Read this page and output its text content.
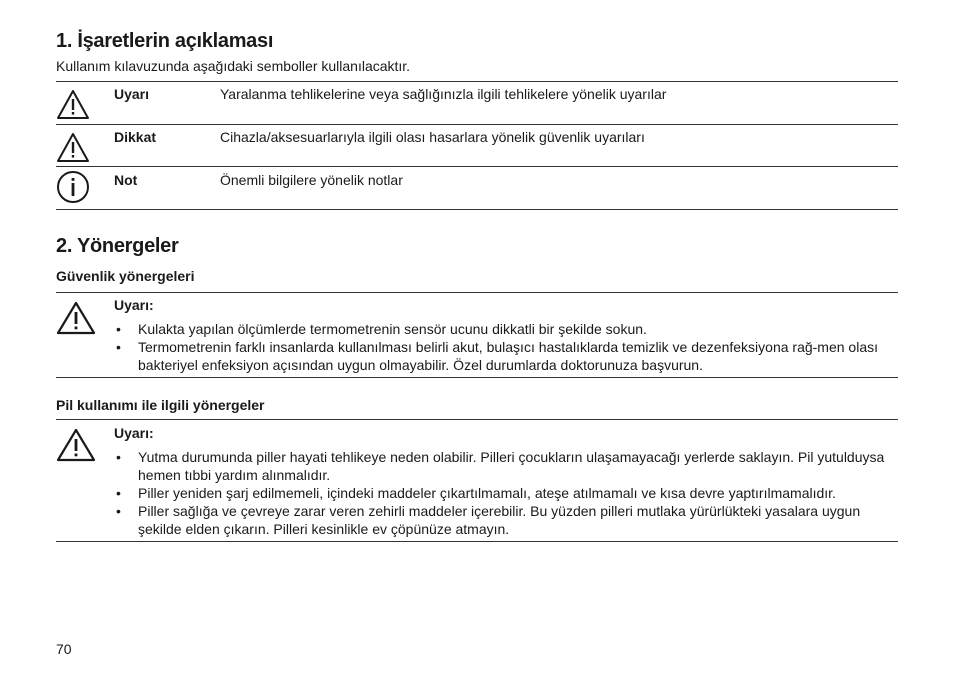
1. İşaretlerin açıklaması
Kullanım kılavuzunda aşağıdaki semboller kullanılacaktır.
Uyarı	Yaralanma tehlikelerine veya sağlığınızla ilgili tehlikelere yönelik uyarılar
Dikkat	Cihazla/aksesuarlarıyla ilgili olası hasarlara yönelik güvenlik uyarıları
Not	Önemli bilgilere yönelik notlar
2. Yönergeler
Güvenlik yönergeleri
Uyarı:
• Kulakta yapılan ölçümlerde termometrenin sensör ucunu dikkatli bir şekilde sokun.
• Termometrenin farklı insanlarda kullanılması belirli akut, bulaşıcı hastalıklarda temizlik ve dezenfeksiyona rağ-men olası bakteriyel enfeksiyon açısından uygun olmayabilir. Özel durumlarda doktorunuza başvurun.
Pil kullanımı ile ilgili yönergeler
Uyarı:
• Yutma durumunda piller hayati tehlikeye neden olabilir. Pilleri çocukların ulaşamayacağı yerlerde saklayın. Pil yutulduysa hemen tıbbi yardım alınmalıdır.
• Piller yeniden şarj edilmemeli, içindeki maddeler çıkartılmamalı, ateşe atılmamalı ve kısa devre yaptırılmamalıdır.
• Piller sağlığa ve çevreye zarar veren zehirli maddeler içerebilir. Bu yüzden pilleri mutlaka yürürlükteki yasalara uygun şekilde elden çıkarın. Pilleri kesinlikle ev çöpünüze atmayın.
70
